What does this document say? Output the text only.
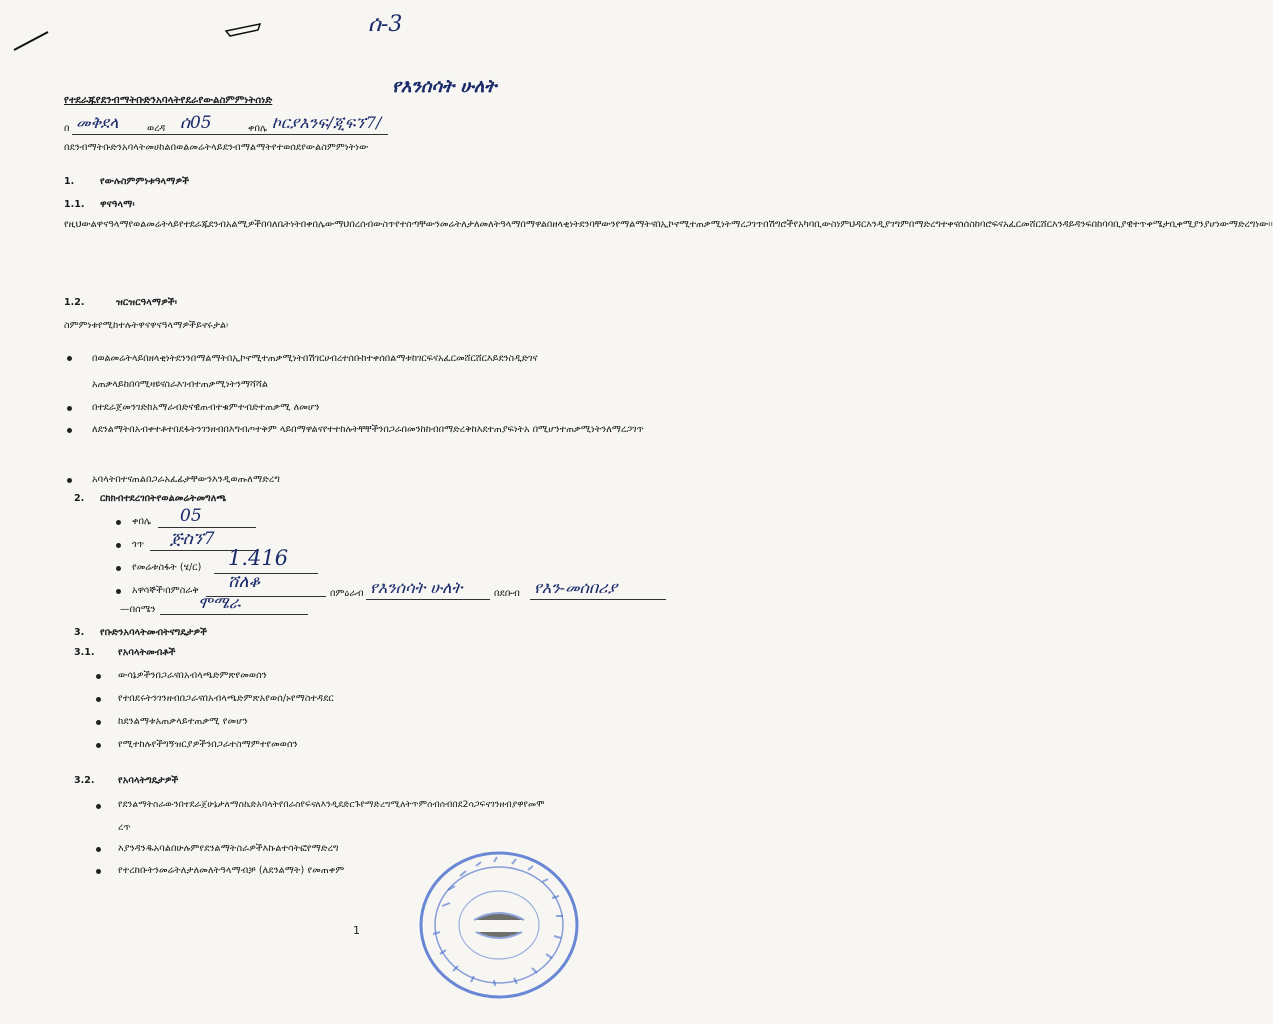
ሰ-3
የእንሰሳት ሁለት
የተደራጁየደንብማትቡድንአባላትየደራየውልስምምነትሰነድ
በ መቅደላ	ወረዳ ሰ05	ቀበሌ ኮርያእንፍ/ጂፍኘ7/
በደንብማትቡድንአባላትመሀከልበወልመሬትላይደንብማልማትየተወሰደየውልስምምነትነው
1.	የውሉስምምነቱዓላማዎች
1.1. ዋናዓላማ፡
የዚህውልዋናዓላማየወልመሬትላይየተደራጁደንብአልሚዎችበባለቤትነትበቀበሌውማህበረሰብውስጥየተሰጣቸውንመሬትለታለመለትዓላማበማዋልበዘላቂነትደንባቸውንየማልማትናበኢኮኖሚተጠቃሚነትማረጋገጥበሽግሮችየአካባቢውስነምህዳርእንዲያገግምበማድረግተቀናሰሰስከባሮፍናአፈርመሸርሸርእንዳይዳንፍበከባባቢያዊተጥቀሜታቢቀሚያንያሆነውማድረግነው፡፡
1.2.	ዝርዝርዓላማዎች፡
ስምምነቱየሚከተሉትዋናዋናዓላማዎችይኖሩታል፡
በወልመሬትላይበዘላቂነትደንንበማልማትበኢኮኖሚተጠቃሚነትበሽገርሀብረተሰቡከተቀሰበልማቱከገርፍናአፈርመሸርሸርእይደንስዲድገና አጠቃላይከበባሚዛዩናስራእገብተጠቃሚነትንማሻሻል
በተደራጀመንገድከአማራብድናዊጠብተቁምተብድተጠቃሚ ለመሆን
ለደንልማትበአብቀተቶተበደፋትንገንዘብበእግብጦተቅም ላይበማዋልናየተተከሉትቸቸችንበጋራበመንከከብበማድረቅከእደተጠያፍነትአ በሚሆንተጠቃሚነትንለማረጋገጥ
አባላትበተናጠልበጋራአፈፊታቸውንእንዲወጡለማድረግ
2. ርክክብተደረገበትየወልመሬትመግለጫ
ቀበሌ 05
ጎጥ ጅስኘ7
የመሬቱስፋት (ሄ/ር) 1.416
አዋሳኞች፡በምስራቅ ሸለቆ
በምዕራብ የእንሰሳት ሁለት	በደቡብ የእን-መሰበሪያ
—በሰሜን	ሞሜራ
3. የቡድንአባላትመብትናግዴታዎች
3.1. የአባላትመብቶች
ውሳኔዎችንበጋራናበአብላጫድምጽየመወሰን
የተበደሩትንገንዘብበጋራናበአብላጫድምጽአየወሰ/ኑየማስተዳደር
ከደንልማቱአጠቃላይተጠቃሚ የመሆን
የሚተከሉየችግኝዝርያዎችንበጋራተስማምተየመወሰን
3.2. የአባላትግዴታዎች
የደንልማትስራውንበተደራጀሁኔታለማስኬድአባላትየበራስየፍናለእንዲደድርጉየማድረግሚለትጥምሰብሰብበደ2ሳጋፍናገንዘብያዋየመሞ
ረጥ
እያንዳንዱአባልበሁሉምየደንልማትስራዎችእኩልተሳትፎየማድረግ
የተረከቡትንመሬትለታለመለትዓላማብቻ (ለደንልማት) የመጠቀም
1
